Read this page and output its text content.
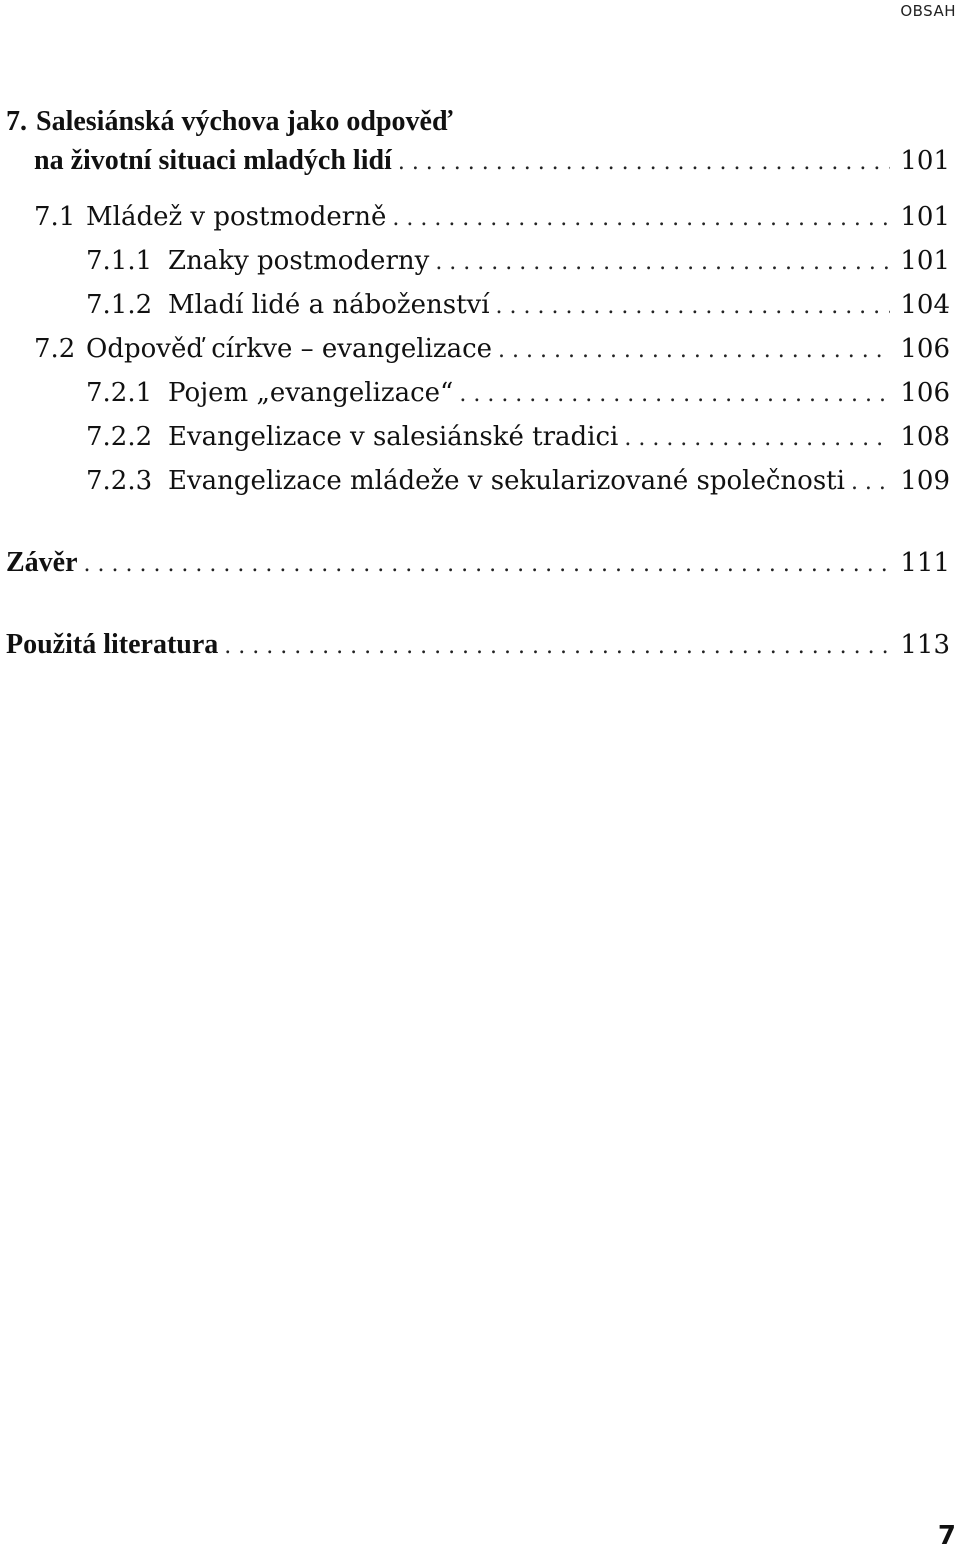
OBSAH
7. Salesiánská výchova jako odpověď
na životní situaci mladých lidí . . .	101
7.1 Mládež v postmoderně . . .	101
7.1.1 Znaky postmoderny . . .	101
7.1.2 Mladí lidé a náboženství . . .	104
7.2 Odpověď církve – evangelizace . . .	106
7.2.1 Pojem „evangelizace“ . . .	106
7.2.2 Evangelizace v salesiánské tradici . . .	108
7.2.3 Evangelizace mládeže v sekularizované společnosti . . . 109
Závěr . . .	111
Použitá literatura . . .	113
7
